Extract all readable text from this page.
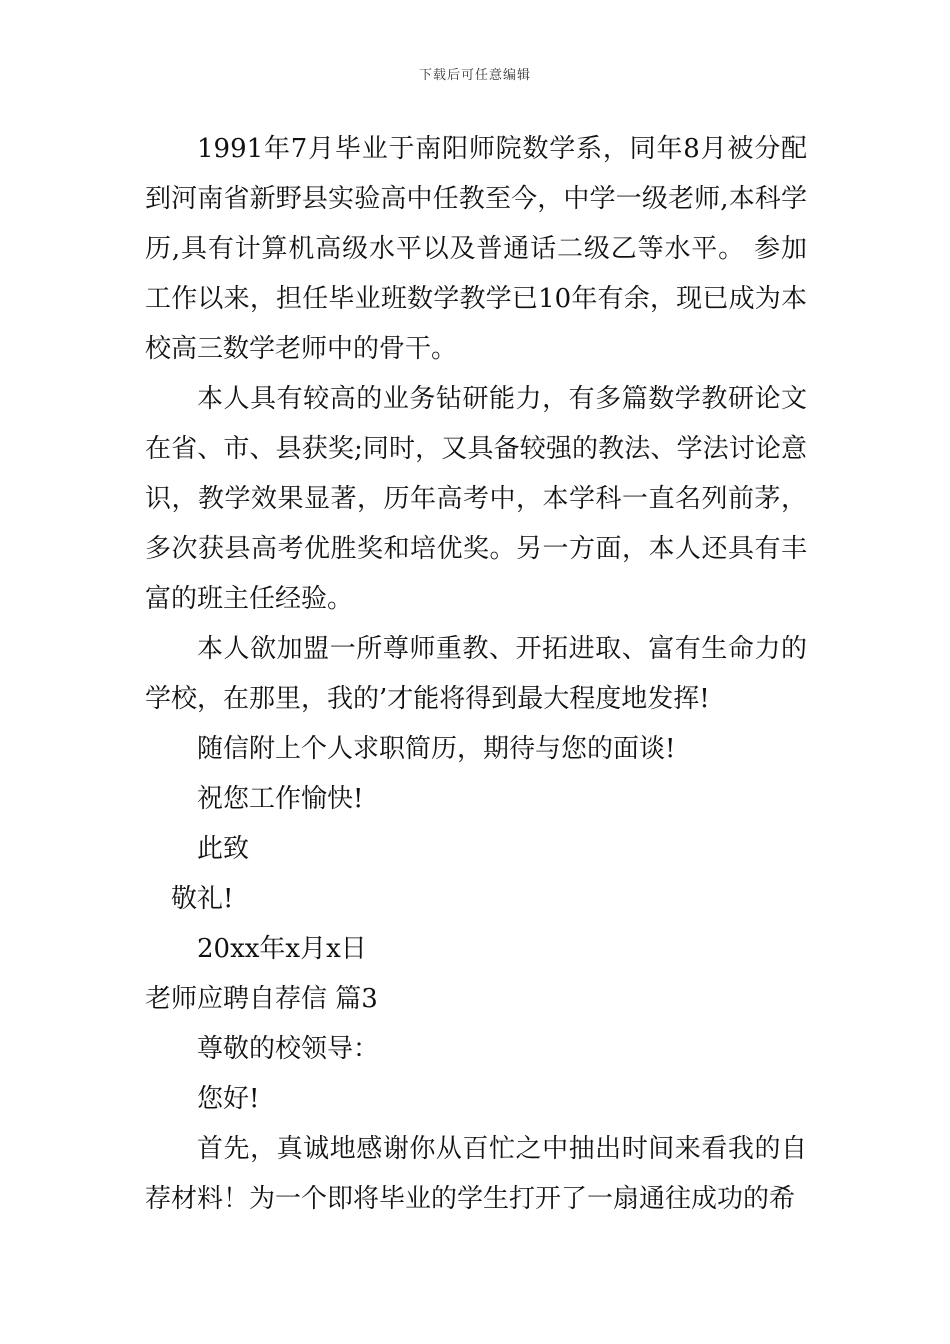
下载后可任意编辑

1991年7月毕业于南阳师院数学系，同年8月被分配到河南省新野县实验高中任教至今，中学一级老师,本科学历,具有计算机高级水平以及普通话二级乙等水平。 参加工作以来，担任毕业班数学教学已10年有余，现已成为本校高三数学老师中的骨干。

本人具有较高的业务钻研能力，有多篇数学教研论文在省、市、县获奖;同时，又具备较强的教法、学法讨论意识，教学效果显著，历年高考中，本学科一直名列前茅，多次获县高考优胜奖和培优奖。另一方面，本人还具有丰富的班主任经验。

本人欲加盟一所尊师重教、开拓进取、富有生命力的学校，在那里，我的’才能将得到最大程度地发挥!

随信附上个人求职简历，期待与您的面谈!

祝您工作愉快!

此致

敬礼!

20xx年x月x日

老师应聘自荐信 篇3

尊敬的校领导：

您好!

首先，真诚地感谢你从百忙之中抽出时间来看我的自荐材料！为一个即将毕业的学生打开了一扇通往成功的希
